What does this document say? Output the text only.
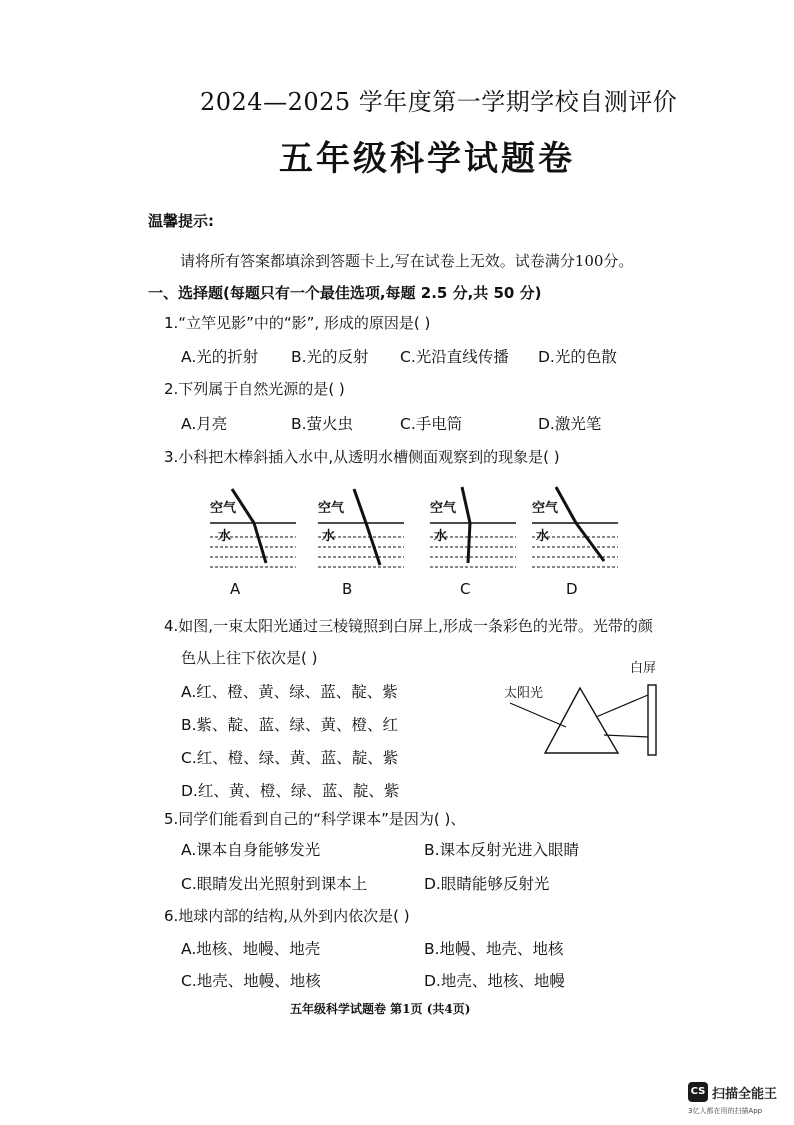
2024—2025 学年度第一学期学校自测评价
五年级科学试题卷
温馨提示:
请将所有答案都填涂到答题卡上,写在试卷上无效。试卷满分100分。
一、选择题(每题只有一个最佳选项,每题 2.5 分,共 50 分)
1.“立竿见影”中的“影”, 形成的原因是( )
A.光的折射 B.光的反射 C.光沿直线传播 D.光的色散
2.下列属于自然光源的是( )
A.月亮	B.萤火虫	C.手电筒	D.激光笔
3.小科把木棒斜插入水中,从透明水槽侧面观察到的现象是( )
空气
水
空气
水
空气
水
空气
水
A	B	C	D
4.如图,一束太阳光通过三棱镜照到白屏上,形成一条彩色的光带。光带的颜
色从上往下依次是( )
A.红、橙、黄、绿、蓝、靛、紫
B.紫、靛、蓝、绿、黄、橙、红
C.红、橙、绿、黄、蓝、靛、紫
D.红、黄、橙、绿、蓝、靛、紫
白屏
太阳光
5.同学们能看到自己的“科学课本”是因为( )、
A.课本自身能够发光	B.课本反射光进入眼睛
C.眼睛发出光照射到课本上	D.眼睛能够反射光
6.地球内部的结构,从外到内依次是( )
A.地核、地幔、地壳	B.地幔、地壳、地核
C.地壳、地幔、地核	D.地壳、地核、地幔
五年级科学试题卷 第1页 (共4页)
CS 扫描全能王
3亿人都在用的扫描App
